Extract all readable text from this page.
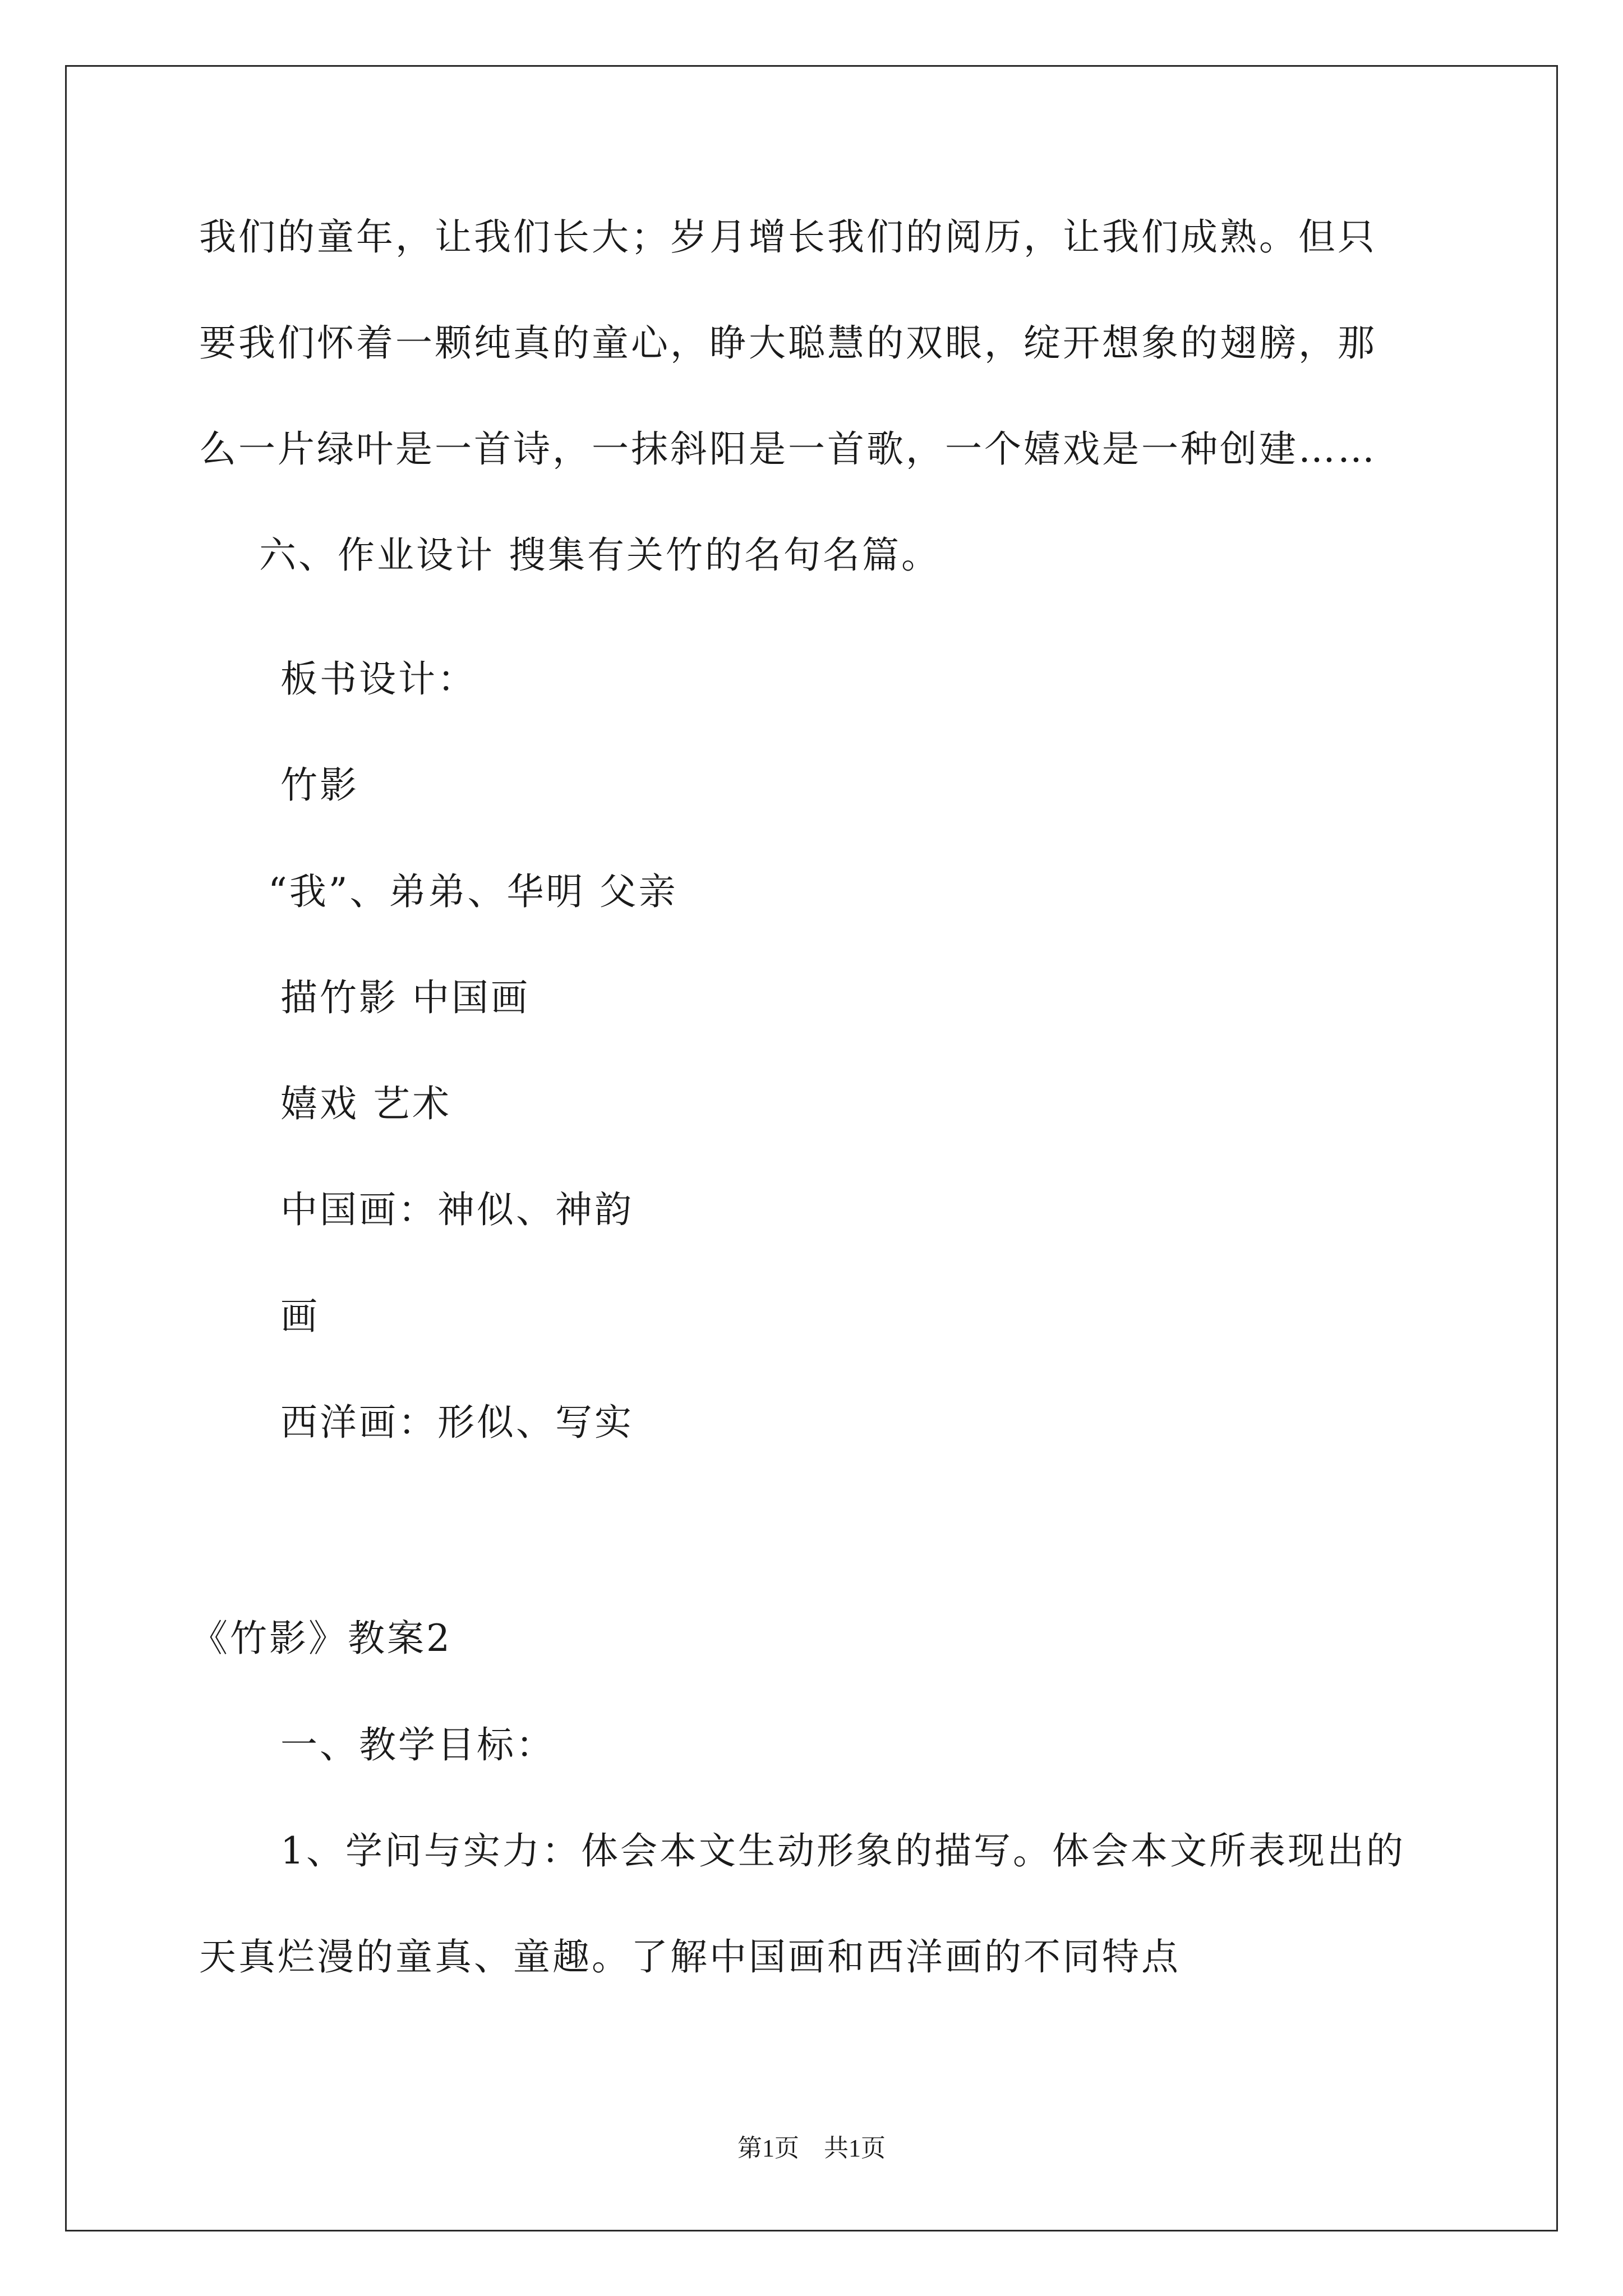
我们的童年，让我们长大；岁月增长我们的阅历，让我们成熟。但只
要我们怀着一颗纯真的童心，睁大聪慧的双眼，绽开想象的翅膀，那
么一片绿叶是一首诗，一抹斜阳是一首歌，一个嬉戏是一种创建……
六、作业设计 搜集有关竹的名句名篇。
板书设计：
竹影
“我”、弟弟、华明 父亲
描竹影 中国画
嬉戏 艺术
中国画：神似、神韵
画
西洋画：形似、写实
《竹影》教案2
一、教学目标：
1、学问与实力：体会本文生动形象的描写。体会本文所表现出的
天真烂漫的童真、童趣。了解中国画和西洋画的不同特点
第1页　共1页
